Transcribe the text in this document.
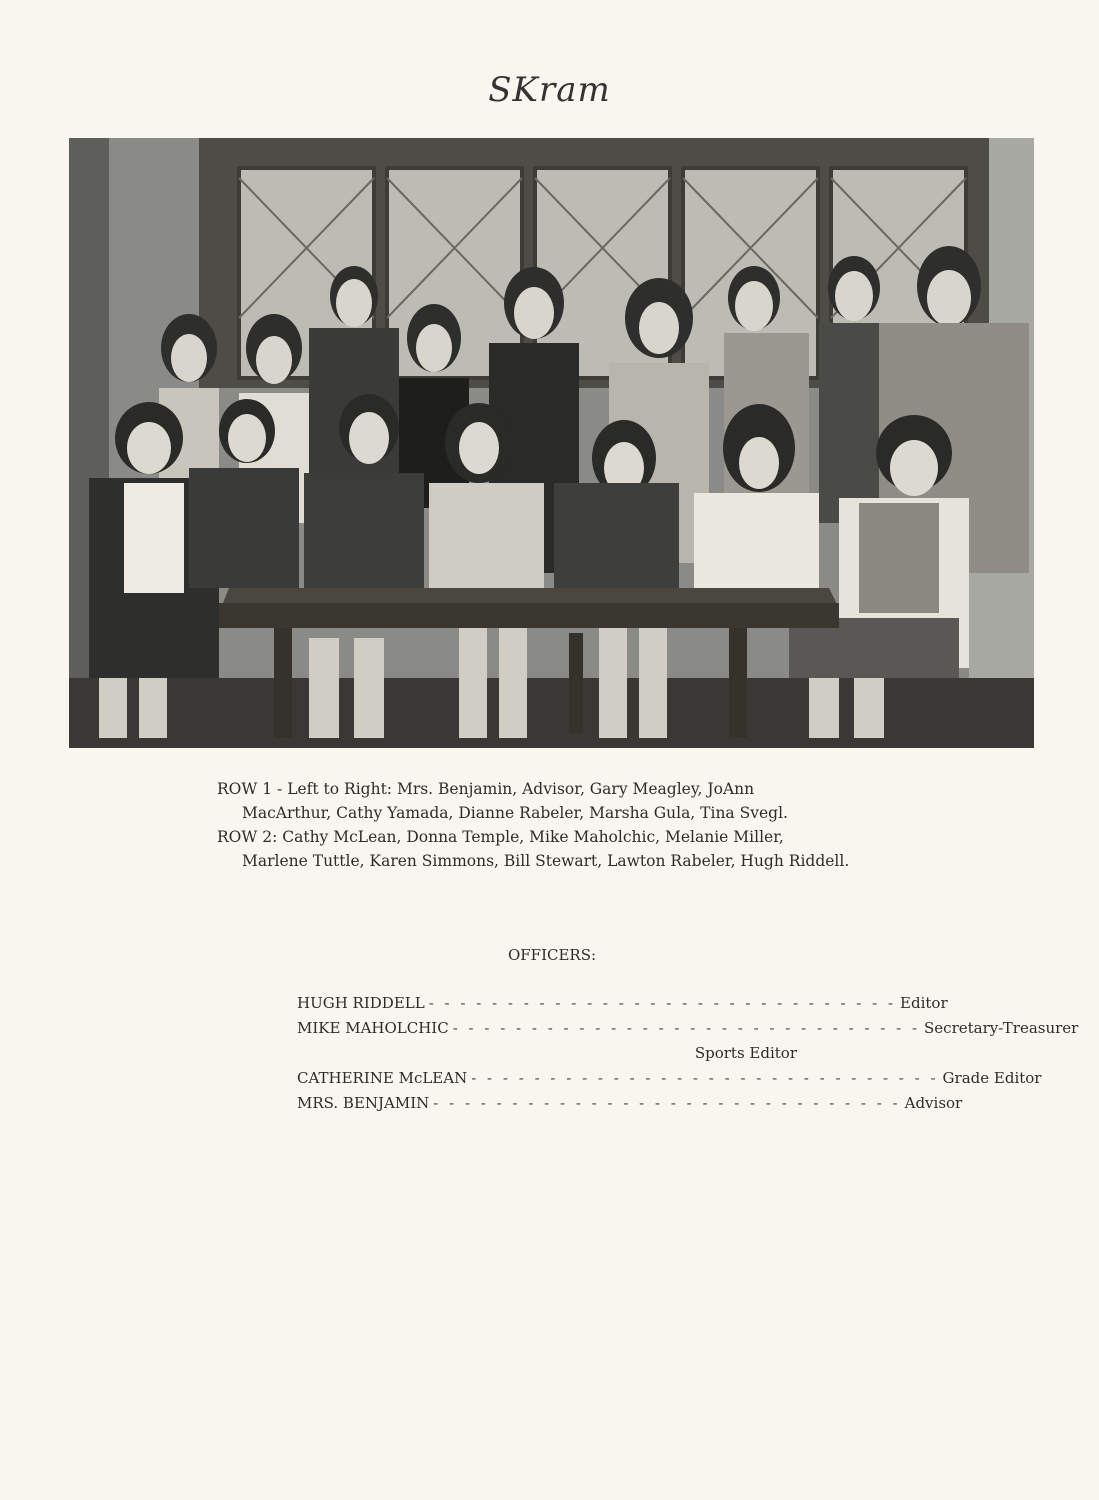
SKram
ROW 1 - Left to Right: Mrs. Benjamin, Advisor, Gary Meagley, JoAnn
MacArthur, Cathy Yamada, Dianne Rabeler, Marsha Gula, Tina Svegl.
ROW 2: Cathy McLean, Donna Temple, Mike Maholchic, Melanie Miller,
Marlene Tuttle, Karen Simmons, Bill Stewart, Lawton Rabeler, Hugh Riddell.
OFFICERS:
HUGH RIDDELL - - - - - - - - - - - - - - - - - - - - - - - - - - - - - - Editor
MIKE MAHOLCHIC - - - - - - - - - - - - - - - - - - - - - - - - - - - - - - Secretary-Treasurer
Sports Editor
CATHERINE McLEAN - - - - - - - - - - - - - - - - - - - - - - - - - - - - - - Grade Editor
MRS. BENJAMIN - - - - - - - - - - - - - - - - - - - - - - - - - - - - - - Advisor
